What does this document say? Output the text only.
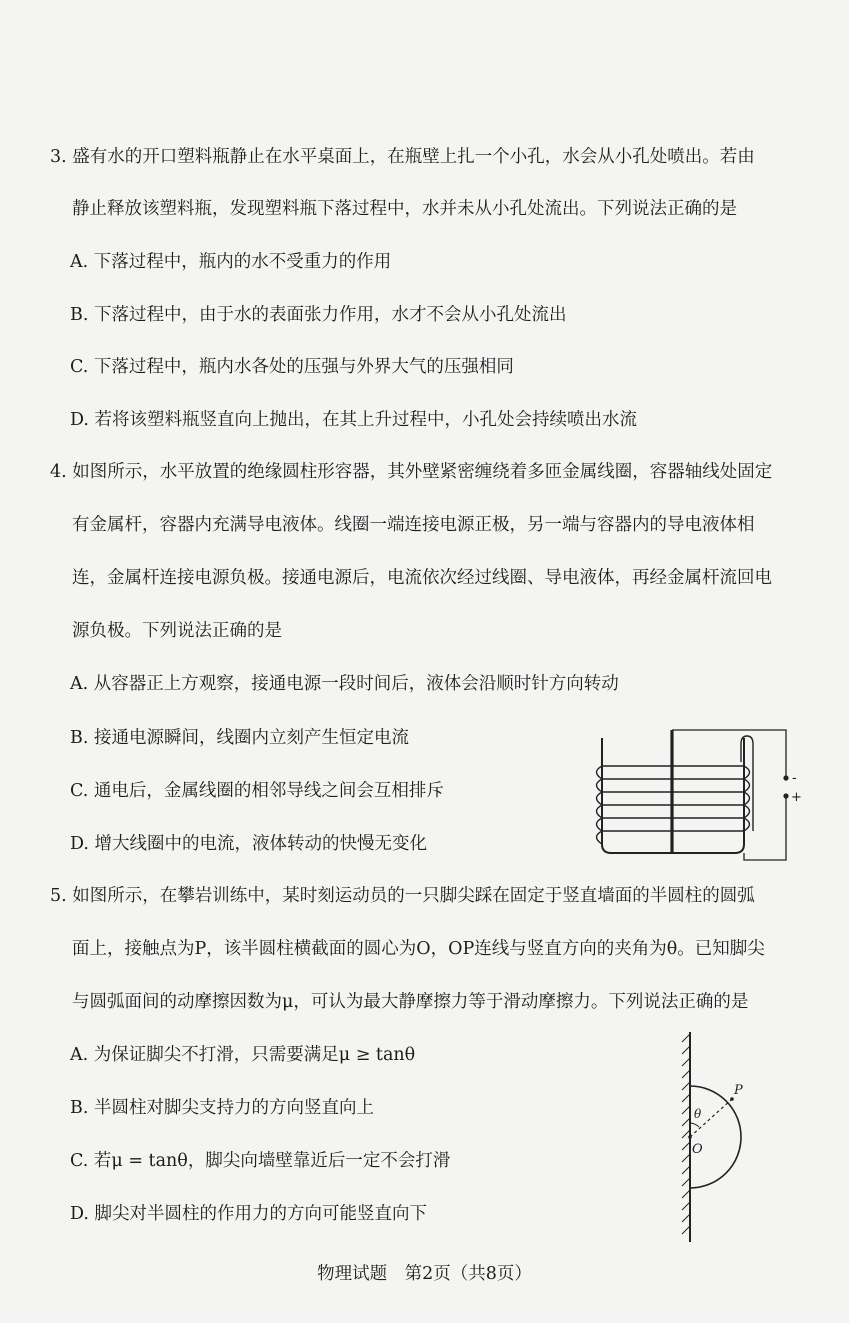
3. 盛有水的开口塑料瓶静止在水平桌面上，在瓶壁上扎一个小孔，水会从小孔处喷出。若由
静止释放该塑料瓶，发现塑料瓶下落过程中，水并未从小孔处流出。下列说法正确的是
A. 下落过程中，瓶内的水不受重力的作用
B. 下落过程中，由于水的表面张力作用，水才不会从小孔处流出
C. 下落过程中，瓶内水各处的压强与外界大气的压强相同
D. 若将该塑料瓶竖直向上抛出，在其上升过程中，小孔处会持续喷出水流
4. 如图所示，水平放置的绝缘圆柱形容器，其外壁紧密缠绕着多匝金属线圈，容器轴线处固定
有金属杆，容器内充满导电液体。线圈一端连接电源正极，另一端与容器内的导电液体相
连，金属杆连接电源负极。接通电源后，电流依次经过线圈、导电液体，再经金属杆流回电
源负极。下列说法正确的是
A. 从容器正上方观察，接通电源一段时间后，液体会沿顺时针方向转动
B. 接通电源瞬间，线圈内立刻产生恒定电流
C. 通电后，金属线圈的相邻导线之间会互相排斥
D. 增大线圈中的电流，液体转动的快慢无变化
-
+
5. 如图所示，在攀岩训练中，某时刻运动员的一只脚尖踩在固定于竖直墙面的半圆柱的圆弧
面上，接触点为P，该半圆柱横截面的圆心为O，OP连线与竖直方向的夹角为θ。已知脚尖
与圆弧面间的动摩擦因数为μ，可认为最大静摩擦力等于滑动摩擦力。下列说法正确的是
A. 为保证脚尖不打滑，只需要满足μ ≥ tanθ
B. 半圆柱对脚尖支持力的方向竖直向上
C. 若μ = tanθ，脚尖向墙壁靠近后一定不会打滑
D. 脚尖对半圆柱的作用力的方向可能竖直向下
P
O
θ
物理试题　第2页（共8页）
